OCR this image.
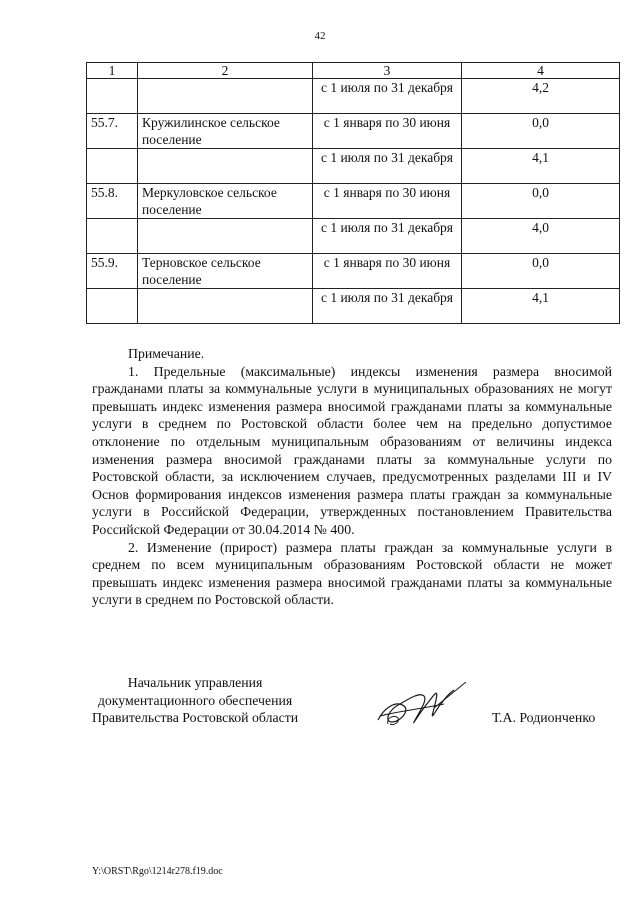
42
1	2	3	4
		с 1 июля по 31 декабря	4,2
55.7.	Кружилинское сельское поселение	с 1 января по 30 июня	0,0
		с 1 июля по 31 декабря	4,1
55.8.	Меркуловское сельское поселение	с 1 января по 30 июня	0,0
		с 1 июля по 31 декабря	4,0
55.9.	Терновское сельское поселение	с 1 января по 30 июня	0,0
		с 1 июля по 31 декабря	4,1

Примечание.

1. Предельные (максимальные) индексы изменения размера вносимой гражданами платы за коммунальные услуги в муниципальных образованиях не могут превышать индекс изменения размера вносимой гражданами платы за коммунальные услуги в среднем по Ростовской области более чем на предельно допустимое отклонение по отдельным муниципальным образованиям от величины индекса изменения размера вносимой гражданами платы за коммунальные услуги по Ростовской области, за исключением случаев, предусмотренных разделами III и IV Основ формирования индексов изменения размера платы граждан за коммунальные услуги в Российской Федерации, утвержденных постановлением Правительства Российской Федерации от 30.04.2014 № 400.

2. Изменение (прирост) размера платы граждан за коммунальные услуги в среднем по всем муниципальным образованиям Ростовской области не может превышать индекс изменения размера вносимой гражданами платы за коммунальные услуги в среднем по Ростовской области.

Начальник управления
документационного обеспечения
Правительства Ростовской области	Т.А. Родионченко
Y:\ORST\Rgo\1214r278.f19.doc
